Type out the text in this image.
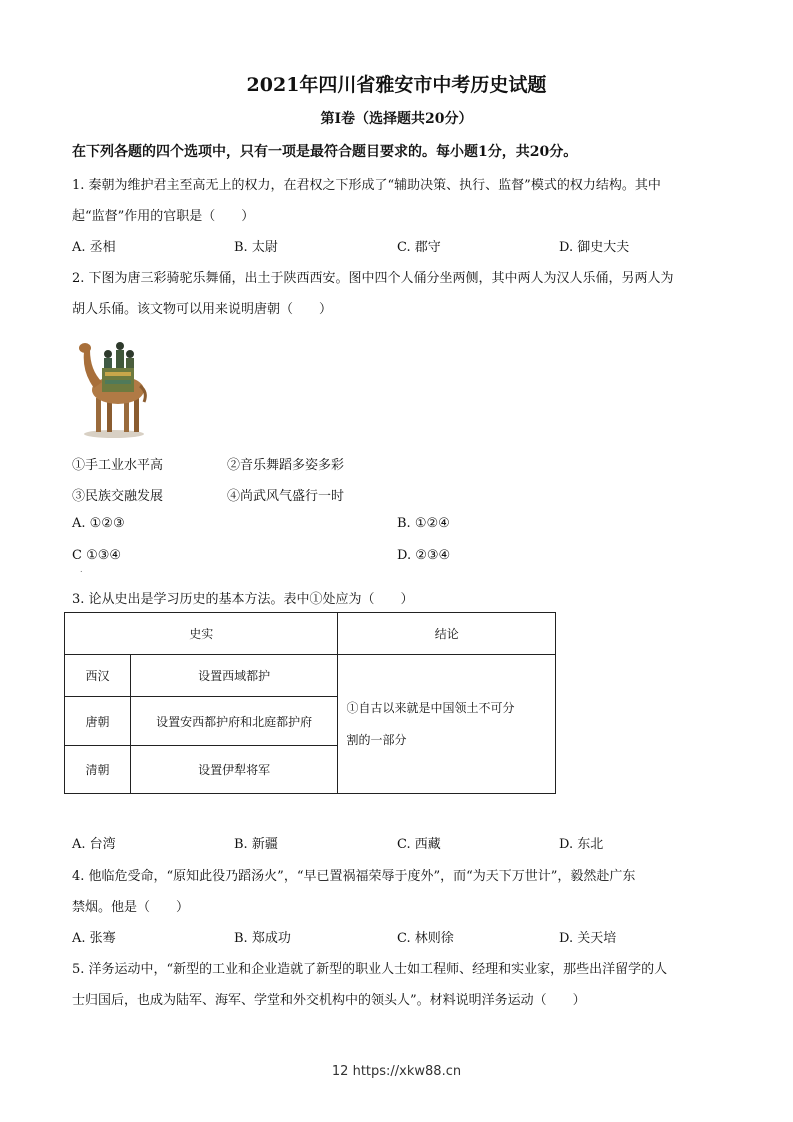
2021年四川省雅安市中考历史试题
第Ⅰ卷（选择题共20分）
在下列各题的四个选项中，只有一项是最符合题目要求的。每小题1分，共20分。
1. 秦朝为维护君主至高无上的权力，在君权之下形成了“辅助决策、执行、监督”模式的权力结构。其中
起“监督”作用的官职是（　　）
A. 丞相	B. 太尉	C. 郡守	D. 御史大夫
2. 下图为唐三彩骑驼乐舞俑，出土于陕西西安。图中四个人俑分坐两侧，其中两人为汉人乐俑，另两人为
胡人乐俑。该文物可以用来说明唐朝（　　）
①手工业水平高	②音乐舞蹈多姿多彩
③民族交融发展	④尚武风气盛行一时
A. ①②③	B. ①②④
C ①③④	D. ②③④
.
3. 论从史出是学习历史的基本方法。表中①处应为（　　）
史实		结论
西汉	设置西域都护	①自古以来就是中国领土不可分
割的一部分
唐朝	设置安西都护府和北庭都护府	
清朝	设置伊犁将军	
A. 台湾	B. 新疆	C. 西藏	D. 东北
4. 他临危受命，“原知此役乃蹈汤火”，“早已置祸福荣辱于度外”，而“为天下万世计”，毅然赴广东
禁烟。他是（　　）
A. 张骞	B. 郑成功	C. 林则徐	D. 关天培
5. 洋务运动中，“新型的工业和企业造就了新型的职业人士如工程师、经理和实业家，那些出洋留学的人
士归国后，也成为陆军、海军、学堂和外交机构中的领头人”。材料说明洋务运动（　　）
12 https://xkw88.cn
